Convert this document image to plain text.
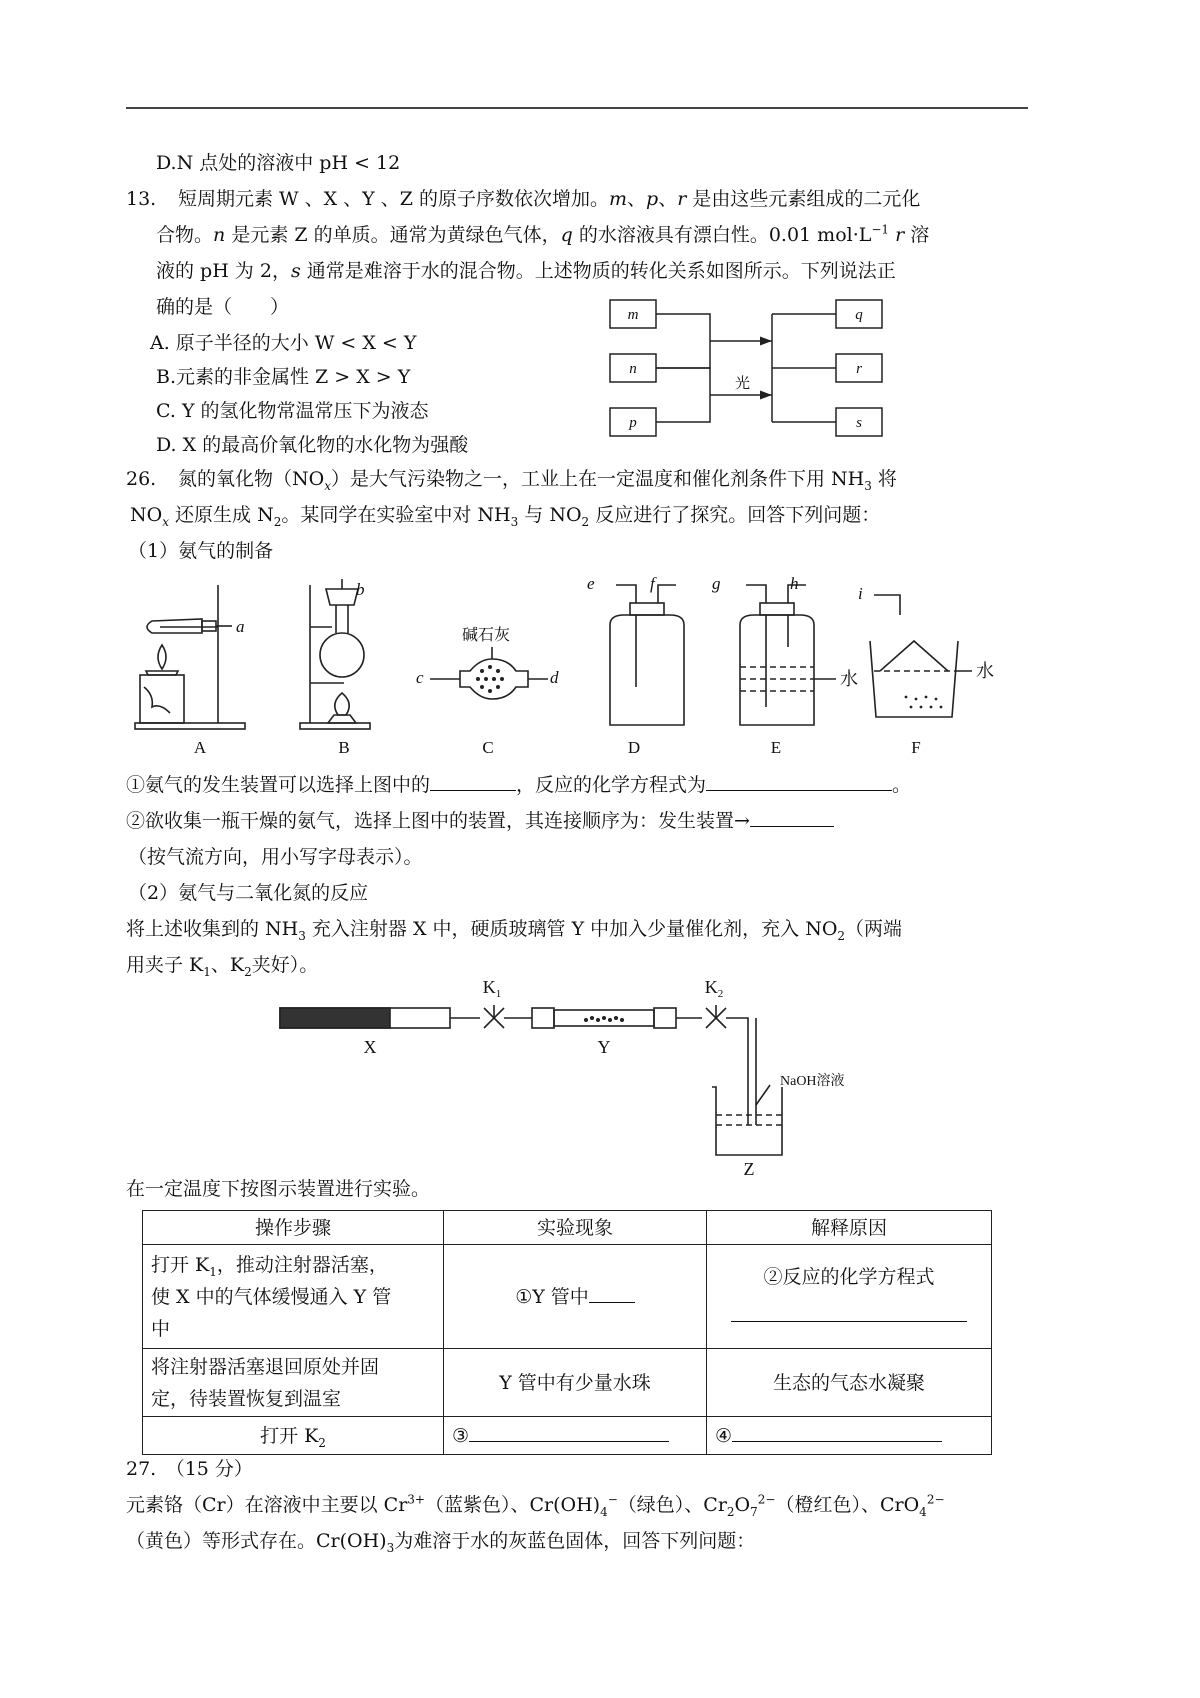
D.N 点处的溶液中 pH < 12
13. 短周期元素 W 、X 、Y 、Z 的原子序数依次增加。m、p、r 是由这些元素组成的二元化
合物。n 是元素 Z 的单质。通常为黄绿色气体，q 的水溶液具有漂白性。0.01 $mol\cdot L^{-1}$ r 溶
液的 pH 为 2，s 通常是难溶于水的混合物。上述物质的转化关系如图所示。下列说法正
确的是（　　）
A. 原子半径的大小 W < X < Y
B.元素的非金属性 Z > X > Y
C. Y 的氢化物常温常压下为液态
D. X 的最高价氧化物的水化物为强酸
m
n
p
q
r
s
光
26. 氮的氧化物$(NO_x)$是大气污染物之一，工业上在一定温度和催化剂条件下用 $NH_3$ 将
$NO_x$ 还原生成 $N_2$。某同学在实验室中对 $NH_3$ 与 $NO_2$ 反应进行了探究。回答下列问题：
（1）氨气的制备
a
b
c	d
e	f	g	h
i
碱石灰
水	水
A	B	C	D	E	F
①氨气的发生装置可以选择上图中的	，反应的化学方程式为	。
②欲收集一瓶干燥的氨气，选择上图中的装置，其连接顺序为：发生装置→
（按气流方向，用小写字母表示）。
（2）氨气与二氧化氮的反应
将上述收集到的 $NH_3$ 充入注射器 X 中，硬质玻璃管 Y 中加入少量催化剂，充入 $NO_2$（两端
用夹子 $K_1$、$K_2$夹好）。
X	Y
Z
$K_1$	$K_2$
NaOH溶液
在一定温度下按图示装置进行实验。
操作步骤	实验现象	解释原因
打开 $K_1$，推动注射器活塞，
使 X 中的气体缓慢通入 Y 管
中	①Y 管中	②反应的化学方程式

将注射器活塞退回原处并固
定，待装置恢复到温室	Y 管中有少量水珠	生态的气态水凝聚
打开 $K_2$	③	④
27.　（15 分）
元素铬（Cr）在溶液中主要以 $Cr^{3+}$（蓝紫色）、$Cr(OH)_4^-$（绿色）、$Cr_2O_7^{2-}$（橙红色）、CrO$_4^{2-}$
（黄色）等形式存在。$Cr(OH)_3$为难溶于水的灰蓝色固体，回答下列问题：
